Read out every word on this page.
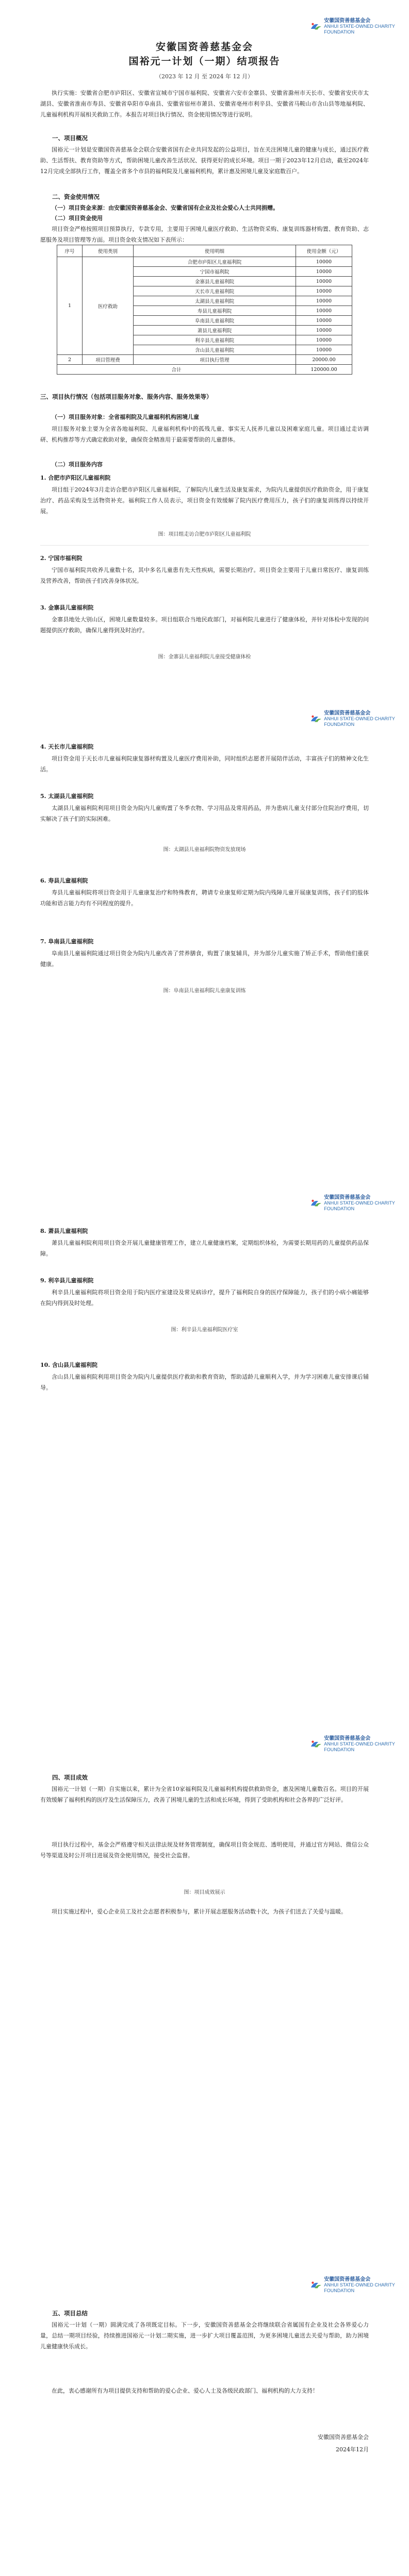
安徽国资善慈基金会
ANHUI STATE-OWNED CHARITY FOUNDATION
安徽国资善慈基金会
国裕元一计划（一期）结项报告
（2023 年 12 月 至 2024 年 12 月）

执行实施：安徽省合肥市庐阳区、安徽省宣城市宁国市福利院、安徽省六安市金寨县、安徽省滁州市天长市、安徽省安庆市太湖县、安徽省淮南市寿县、安徽省阜阳市阜南县、安徽省宿州市萧县、安徽省亳州市利辛县、安徽省马鞍山市含山县等地福利院、儿童福利机构开展相关救助工作。本报告对项目执行情况、资金使用情况等进行说明。

一、项目概况

国裕元一计划是安徽国资善慈基金会联合安徽省国有企业共同发起的公益项目，旨在关注困境儿童的健康与成长，通过医疗救助、生活帮扶、教育资助等方式，帮助困境儿童改善生活状况、获得更好的成长环境。项目一期于2023年12月启动，截至2024年12月完成全部执行工作，覆盖全省多个市县的福利院及儿童福利机构，累计惠及困境儿童及家庭数百户。

二、资金使用情况
（一）项目资金来源：由安徽国资善慈基金会、安徽省国有企业及社会爱心人士共同捐赠。
（二）项目资金使用

项目资金严格按照项目预算执行，专款专用，主要用于困境儿童医疗救助、生活物资采购、康复训练器材购置、教育资助、志愿服务及项目管理等方面。项目资金收支情况如下表所示：

序号	使用类别	使用明细	使用金额（元）
1	医疗救助	合肥市庐阳区儿童福利院	10000
		宁国市福利院	10000
		金寨县儿童福利院	10000
		天长市儿童福利院	10000
		太湖县儿童福利院	10000
		寿县儿童福利院	10000
		阜南县儿童福利院	10000
		萧县儿童福利院	10000
		利辛县儿童福利院	10000
		含山县儿童福利院	10000
2	项目管理费	项目执行管理	20000.00
合计			120000.00
三、项目执行情况（包括项目服务对象、服务内容、服务效果等）
（一）项目服务对象：全省福利院及儿童福利机构困境儿童

项目服务对象主要为全省各地福利院、儿童福利机构中的孤残儿童、事实无人抚养儿童以及困难家庭儿童。项目通过走访调研、机构推荐等方式确定救助对象，确保资金精准用于最需要帮助的儿童群体。

（二）项目服务内容
1. 合肥市庐阳区儿童福利院

项目组于2024年3月走访合肥市庐阳区儿童福利院，了解院内儿童生活及康复需求，为院内儿童提供医疗救助资金，用于康复治疗、药品采购及生活物资补充。福利院工作人员表示，项目资金有效缓解了院内医疗费用压力，孩子们的康复训练得以持续开展。

图：项目组走访合肥市庐阳区儿童福利院
2. 宁国市福利院

宁国市福利院共收养儿童数十名，其中多名儿童患有先天性疾病，需要长期治疗。项目资金主要用于儿童日常医疗、康复训练及营养改善，帮助孩子们改善身体状况。

3. 金寨县儿童福利院

金寨县地处大别山区，困境儿童数量较多。项目组联合当地民政部门，对福利院儿童进行了健康体检，并针对体检中发现的问题提供医疗救助，确保儿童得到及时治疗。

图：金寨县儿童福利院儿童接受健康体检
安徽国资善慈基金会
ANHUI STATE-OWNED CHARITY FOUNDATION
4. 天长市儿童福利院

项目资金用于天长市儿童福利院康复器材购置及儿童医疗费用补助，同时组织志愿者开展陪伴活动，丰富孩子们的精神文化生活。

5. 太湖县儿童福利院

太湖县儿童福利院利用项目资金为院内儿童购置了冬季衣物、学习用品及常用药品，并为患病儿童支付部分住院治疗费用，切实解决了孩子们的实际困难。

图：太湖县儿童福利院物资发放现场
6. 寿县儿童福利院

寿县儿童福利院将项目资金用于儿童康复治疗和特殊教育，聘请专业康复师定期为院内残障儿童开展康复训练，孩子们的肢体功能和语言能力均有不同程度的提升。

7. 阜南县儿童福利院

阜南县儿童福利院通过项目资金为院内儿童改善了营养膳食，购置了康复辅具，并为部分儿童实施了矫正手术，帮助他们重获健康。

图：阜南县儿童福利院儿童康复训练
安徽国资善慈基金会
ANHUI STATE-OWNED CHARITY FOUNDATION
8. 萧县儿童福利院

萧县儿童福利院利用项目资金开展儿童健康管理工作，建立儿童健康档案，定期组织体检，为需要长期用药的儿童提供药品保障。

9. 利辛县儿童福利院

利辛县儿童福利院将项目资金用于院内医疗室建设及常见病诊疗，提升了福利院自身的医疗保障能力，孩子们的小病小痛能够在院内得到及时处理。

图：利辛县儿童福利院医疗室
10. 含山县儿童福利院

含山县儿童福利院利用项目资金为院内儿童提供医疗救助和教育资助，帮助适龄儿童顺利入学，并为学习困难儿童安排课后辅导。

安徽国资善慈基金会
ANHUI STATE-OWNED CHARITY FOUNDATION
四、项目成效

国裕元一计划（一期）自实施以来，累计为全省10家福利院及儿童福利机构提供救助资金，惠及困境儿童数百名。项目的开展有效缓解了福利机构的医疗及生活保障压力，改善了困境儿童的生活和成长环境，得到了受助机构和社会各界的广泛好评。

项目执行过程中，基金会严格遵守相关法律法规及财务管理制度，确保项目资金规范、透明使用，并通过官方网站、微信公众号等渠道及时公开项目进展及资金使用情况，接受社会监督。

图：项目成效展示

项目实施过程中，爱心企业员工及社会志愿者积极参与，累计开展志愿服务活动数十次，为孩子们送去了关爱与温暖。

安徽国资善慈基金会
ANHUI STATE-OWNED CHARITY FOUNDATION
五、项目总结

国裕元一计划（一期）圆满完成了各项既定目标。下一步，安徽国资善慈基金会将继续联合省属国有企业及社会各界爱心力量，总结一期项目经验，持续推进国裕元一计划二期实施，进一步扩大项目覆盖范围，为更多困境儿童送去关爱与帮助，助力困境儿童健康快乐成长。

在此，衷心感谢所有为项目提供支持和帮助的爱心企业、爱心人士及各级民政部门、福利机构的大力支持！

安徽国资善慈基金会
2024年12月
